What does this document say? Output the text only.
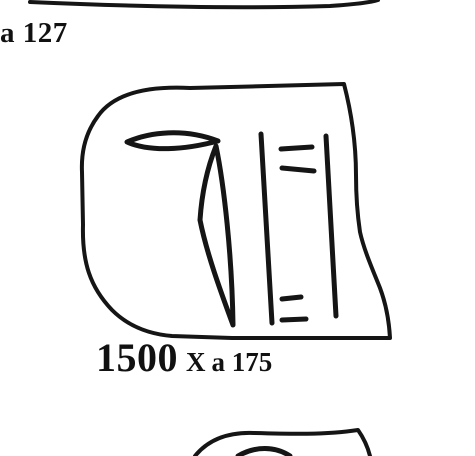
a 127
1500 X a 175
